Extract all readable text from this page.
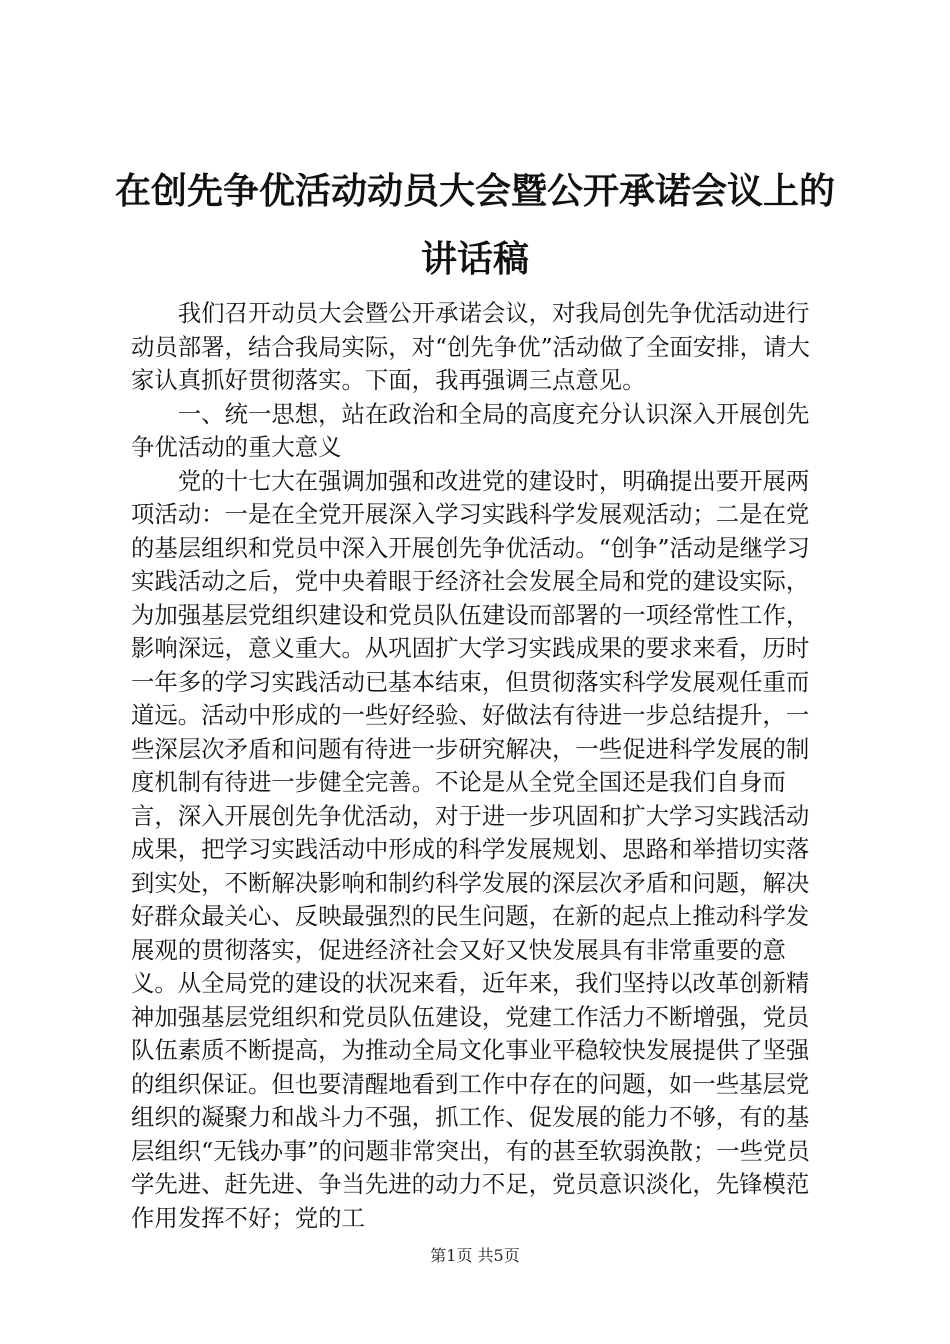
在创先争优活动动员大会暨公开承诺会议上的讲话稿

我们召开动员大会暨公开承诺会议，对我局创先争优活动进行动员部署，结合我局实际，对“创先争优”活动做了全面安排，请大家认真抓好贯彻落实。下面，我再强调三点意见。

一、统一思想，站在政治和全局的高度充分认识深入开展创先争优活动的重大意义

党的十七大在强调加强和改进党的建设时，明确提出要开展两项活动：一是在全党开展深入学习实践科学发展观活动；二是在党的基层组织和党员中深入开展创先争优活动。“创争”活动是继学习实践活动之后，党中央着眼于经济社会发展全局和党的建设实际，为加强基层党组织建设和党员队伍建设而部署的一项经常性工作，影响深远，意义重大。从巩固扩大学习实践成果的要求来看，历时一年多的学习实践活动已基本结束，但贯彻落实科学发展观任重而道远。活动中形成的一些好经验、好做法有待进一步总结提升，一些深层次矛盾和问题有待进一步研究解决，一些促进科学发展的制度机制有待进一步健全完善。不论是从全党全国还是我们自身而言，深入开展创先争优活动，对于进一步巩固和扩大学习实践活动成果，把学习实践活动中形成的科学发展规划、思路和举措切实落到实处，不断解决影响和制约科学发展的深层次矛盾和问题，解决好群众最关心、反映最强烈的民生问题，在新的起点上推动科学发展观的贯彻落实，促进经济社会又好又快发展具有非常重要的意义。从全局党的建设的状况来看，近年来，我们坚持以改革创新精神加强基层党组织和党员队伍建设，党建工作活力不断增强，党员队伍素质不断提高，为推动全局文化事业平稳较快发展提供了坚强的组织保证。但也要清醒地看到工作中存在的问题，如一些基层党组织的凝聚力和战斗力不强，抓工作、促发展的能力不够，有的基层组织“无钱办事”的问题非常突出，有的甚至软弱涣散；一些党员学先进、赶先进、争当先进的动力不足，党员意识淡化，先锋模范作用发挥不好；党的工

第1页 共5页
